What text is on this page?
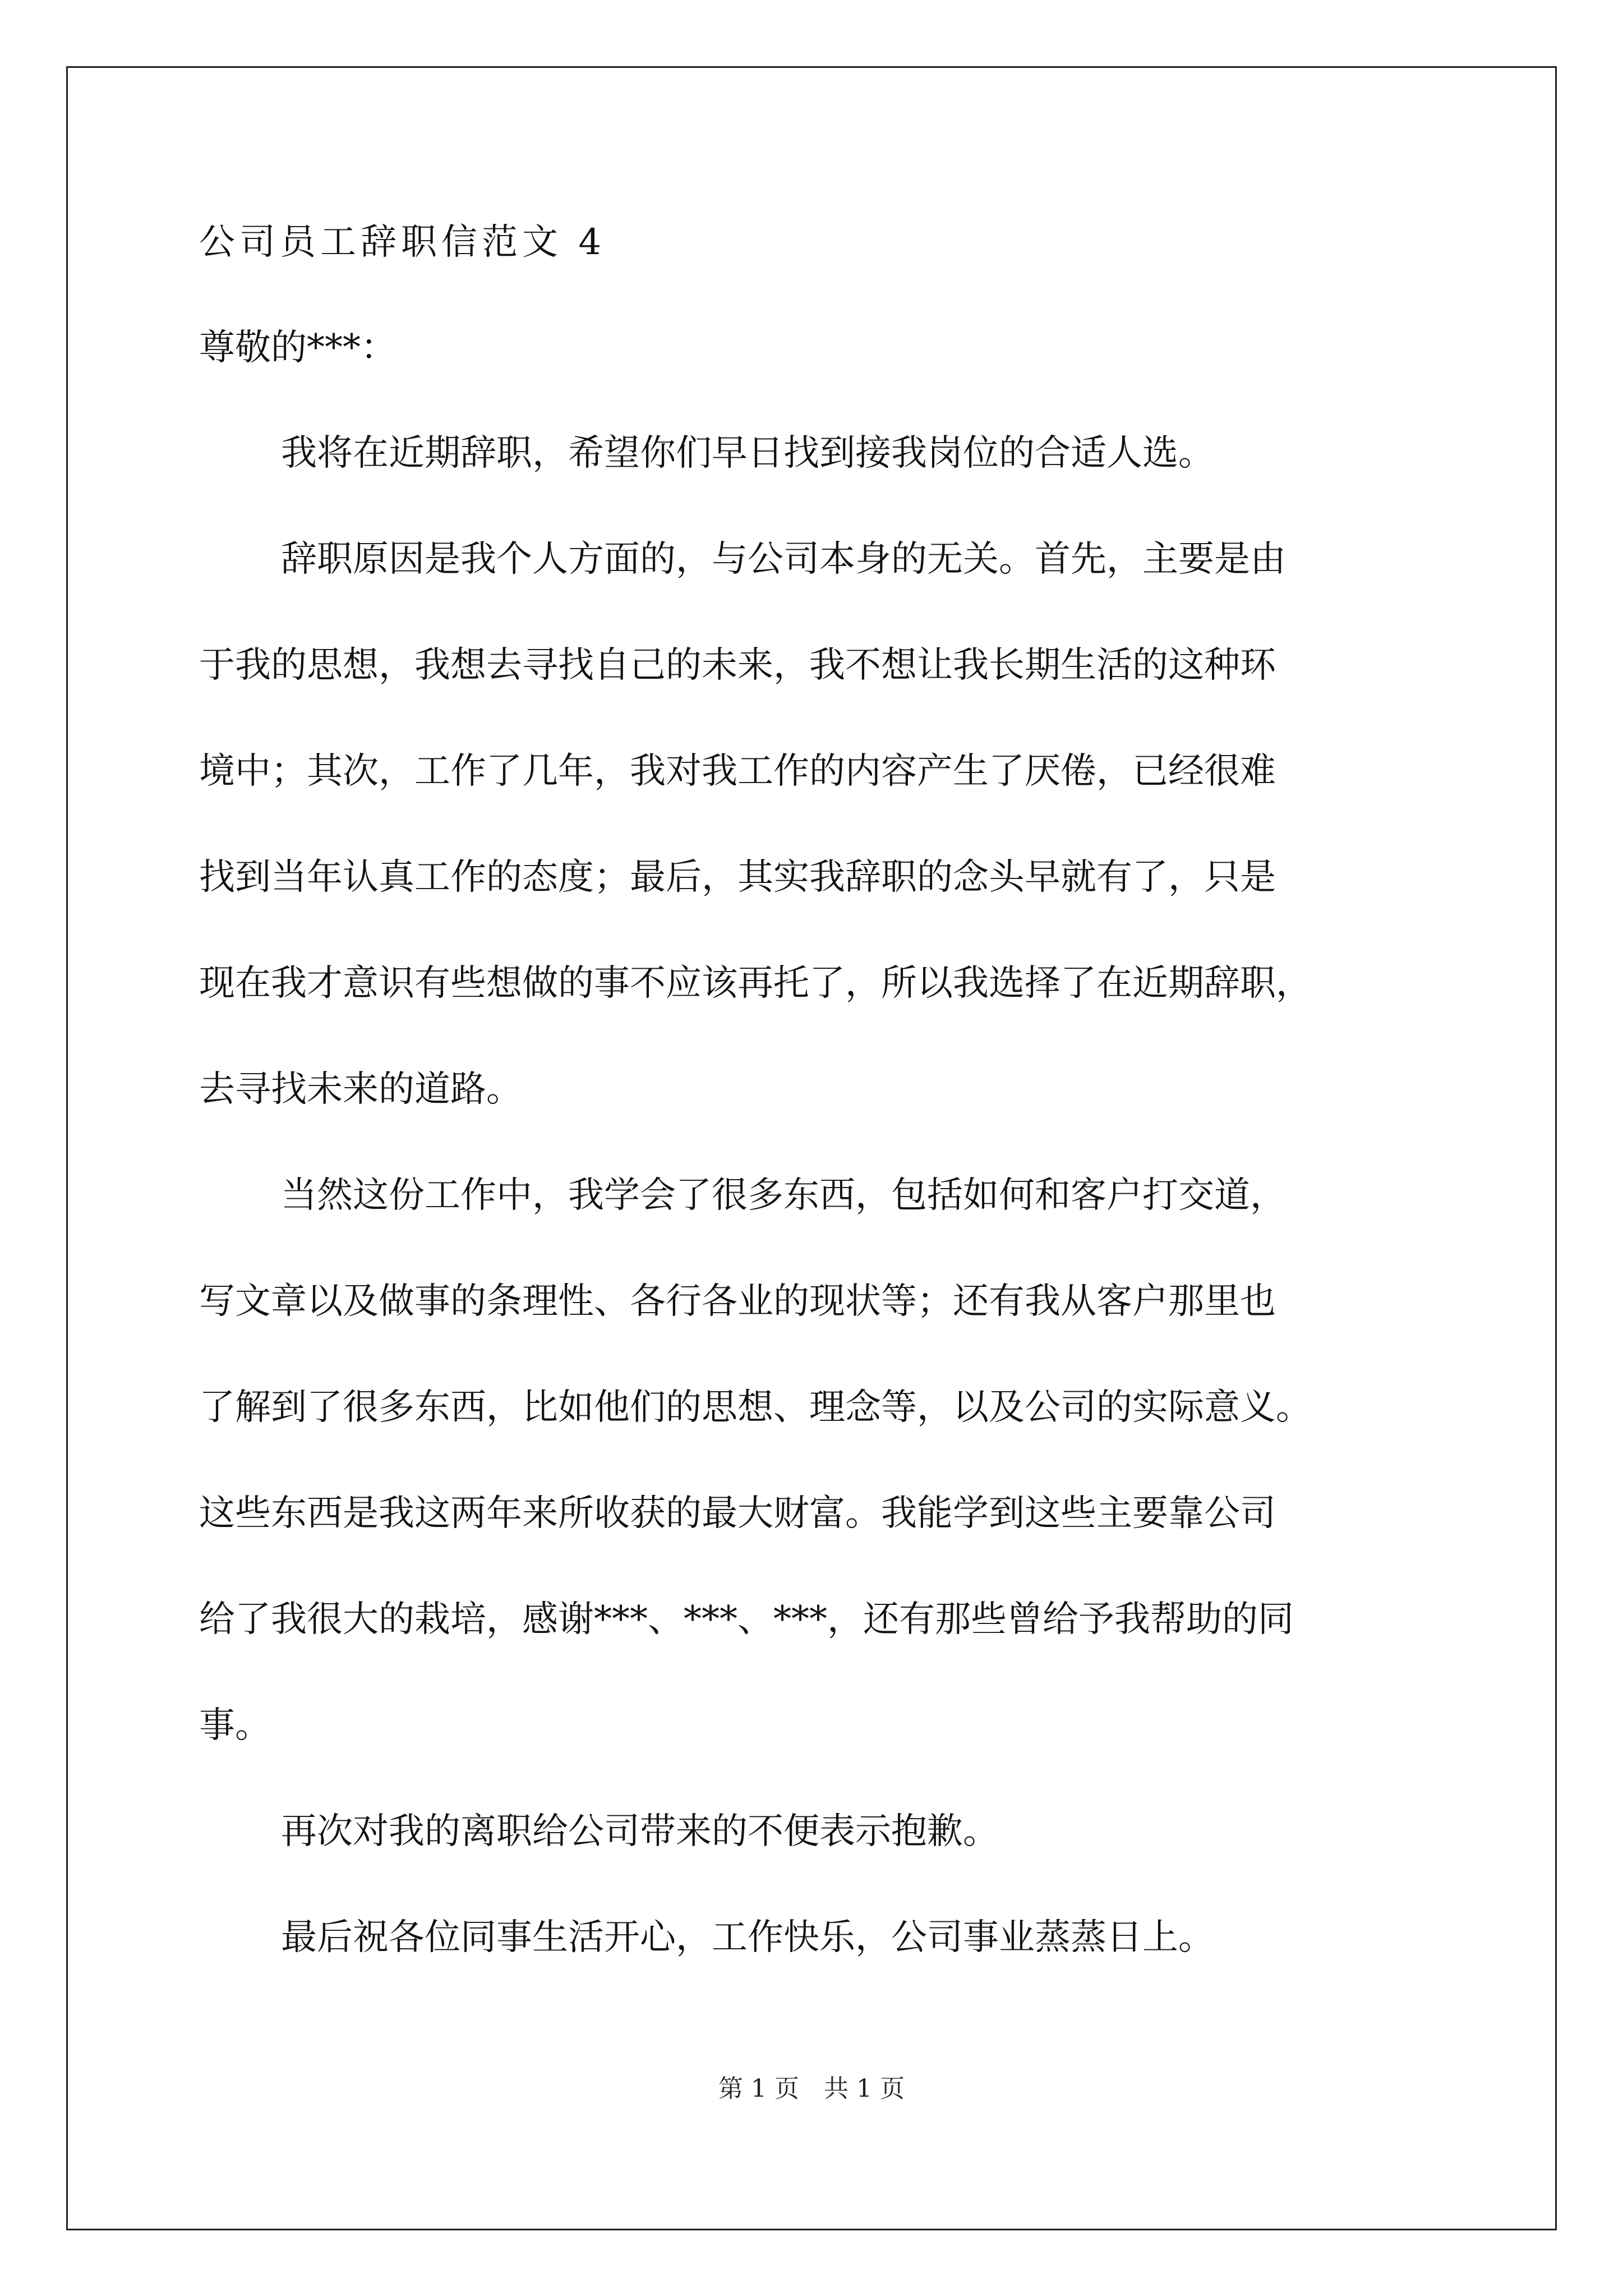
公司员工辞职信范文 4
尊敬的***：
我将在近期辞职，希望你们早日找到接我岗位的合适人选。
辞职原因是我个人方面的，与公司本身的无关。首先，主要是由
于我的思想，我想去寻找自己的未来，我不想让我长期生活的这种环
境中；其次，工作了几年，我对我工作的内容产生了厌倦，已经很难
找到当年认真工作的态度；最后，其实我辞职的念头早就有了，只是
现在我才意识有些想做的事不应该再托了，所以我选择了在近期辞职，
去寻找未来的道路。
当然这份工作中，我学会了很多东西，包括如何和客户打交道，
写文章以及做事的条理性、各行各业的现状等；还有我从客户那里也
了解到了很多东西，比如他们的思想、理念等，以及公司的实际意义。
这些东西是我这两年来所收获的最大财富。我能学到这些主要靠公司
给了我很大的栽培，感谢***、***、***，还有那些曾给予我帮助的同
事。
再次对我的离职给公司带来的不便表示抱歉。
最后祝各位同事生活开心，工作快乐，公司事业蒸蒸日上。
第 1 页　共 1 页
